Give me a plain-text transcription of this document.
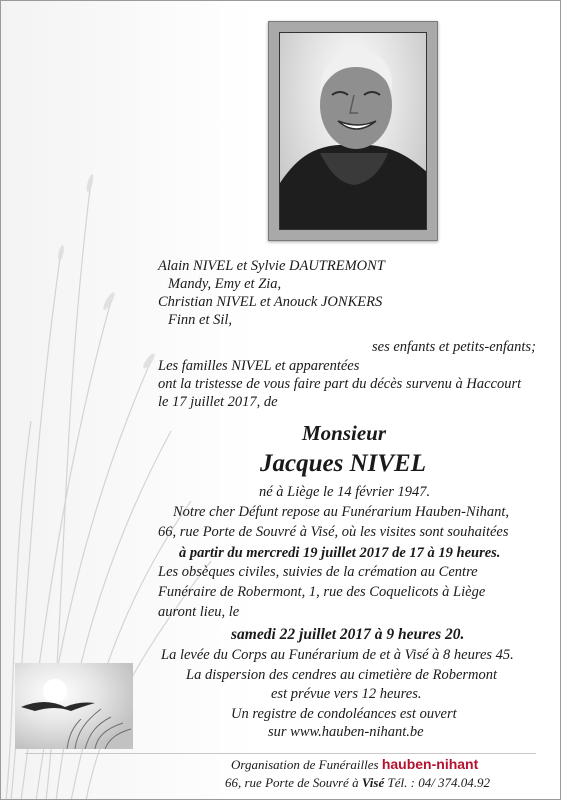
Alain NIVEL et Sylvie DAUTREMONT
Mandy, Emy et Zia,
Christian NIVEL et Anouck JONKERS
Finn et Sil,
ses enfants et petits-enfants;
Les familles NIVEL et apparentées
ont la tristesse de vous faire part du décès survenu à Haccourt
le 17 juillet 2017, de
Monsieur
Jacques NIVEL
né à Liège le 14 février 1947.
Notre cher Défunt repose au Funérarium Hauben-Nihant,
66, rue Porte de Souvré à Visé, où les visites sont souhaitées
à partir du mercredi 19 juillet 2017 de 17 à 19 heures.
Les obsèques civiles, suivies de la crémation au Centre
Funéraire de Robermont, 1, rue des Coquelicots à Liège
auront lieu, le
samedi 22 juillet 2017 à 9 heures 20.
La levée du Corps au Funérarium de et à Visé à 8 heures 45.
La dispersion des cendres au cimetière de Robermont
est prévue vers 12 heures.
Un registre de condoléances est ouvert
sur www.hauben-nihant.be
Organisation de Funérailles hauben-nihant
66, rue Porte de Souvré à Visé Tél. : 04/ 374.04.92
